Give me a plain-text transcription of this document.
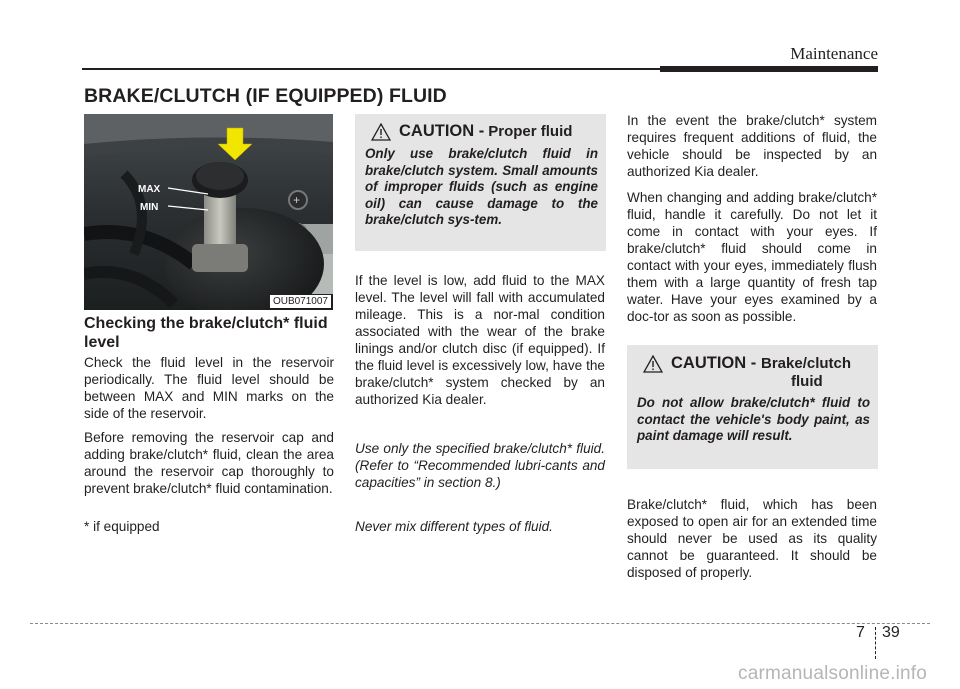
Maintenance
BRAKE/CLUTCH (IF EQUIPPED) FLUID
+
MAX
MIN
OUB071007
Checking the brake/clutch* fluid level
Check the fluid level in the reservoir periodically. The fluid level should be between MAX and MIN marks on the side of the reservoir.
Before removing the reservoir cap and adding brake/clutch* fluid, clean the area around the reservoir cap thoroughly to prevent brake/clutch* fluid contamination.
* if equipped
CAUTION - Proper fluid
Only use brake/clutch fluid in brake/clutch system. Small amounts of improper fluids (such as engine oil) can cause damage to the brake/clutch sys-tem.
If the level is low, add fluid to the MAX level. The level will fall with accumulated mileage. This is a nor-mal condition associated with the wear of the brake linings and/or clutch disc (if equipped). If the fluid level is excessively low, have the brake/clutch* system checked by an authorized Kia dealer.
Use only the specified brake/clutch* fluid. (Refer to “Recommended lubri-cants and capacities” in section 8.)
Never mix different types of fluid.
In the event the brake/clutch* system requires frequent additions of fluid, the vehicle should be inspected by an authorized Kia dealer.
When changing and adding brake/clutch* fluid, handle it carefully. Do not let it come in contact with your eyes. If brake/clutch* fluid should come in contact with your eyes, immediately flush them with a large quantity of fresh tap water. Have your eyes examined by a doc-tor as soon as possible.
CAUTION - Brake/clutch
fluid
Do not allow brake/clutch* fluid to contact the vehicle's body paint, as paint damage will result.
Brake/clutch* fluid, which has been exposed to open air for an extended time should never be used as its quality cannot be guaranteed. It should be disposed of properly.
7 39
carmanualsonline.info
